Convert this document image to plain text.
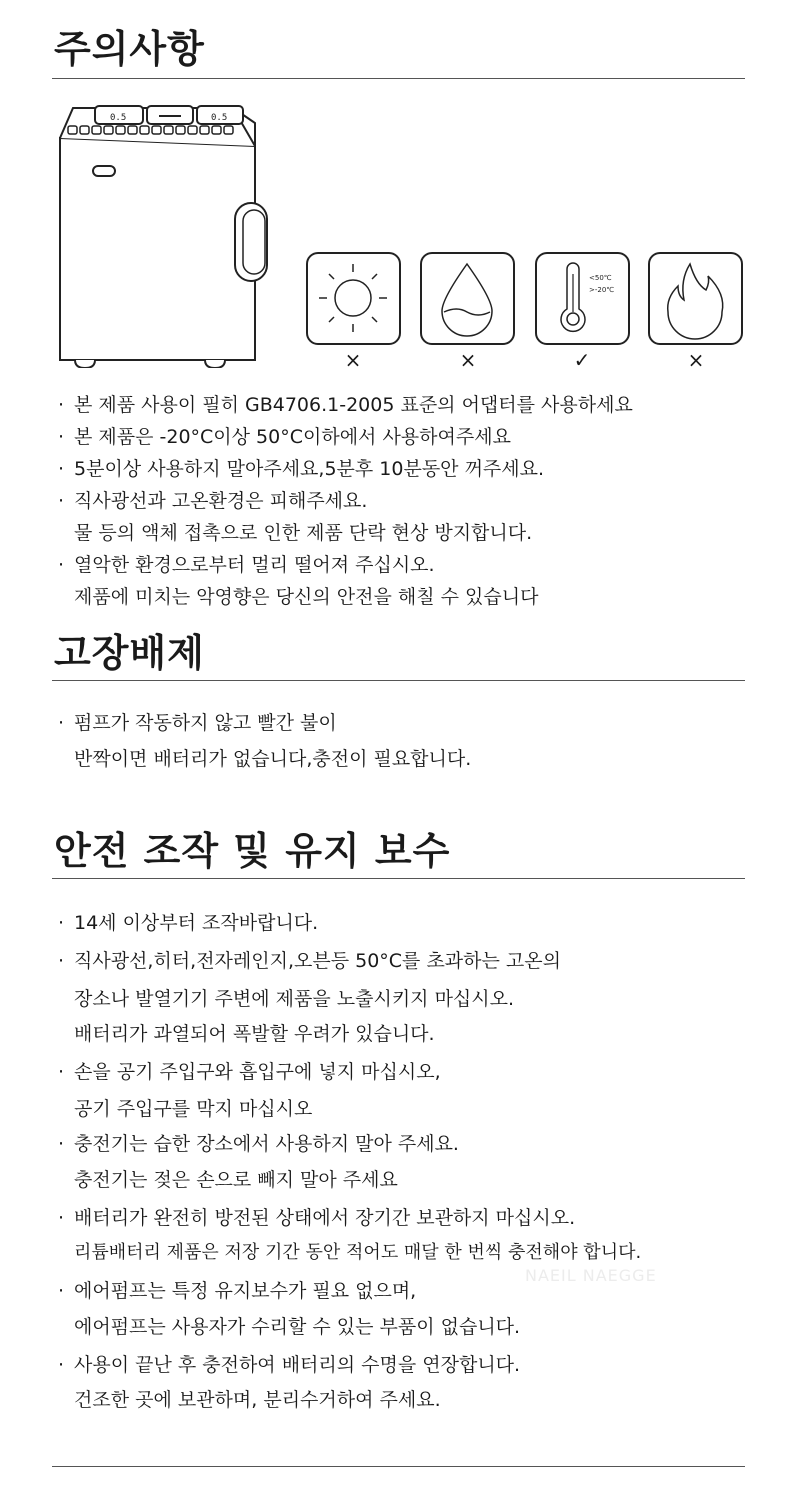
주의사항
0.5	0.5
<50℃
>-20℃
×	×	✓	×
· 본 제품 사용이 필히 GB4706.1-2005 표준의 어댑터를 사용하세요
· 본 제품은 -20°C이상 50°C이하에서 사용하여주세요
· 5분이상 사용하지 말아주세요,5분후 10분동안 꺼주세요.
· 직사광선과 고온환경은 피해주세요.
물 등의 액체 접촉으로 인한 제품 단락 현상 방지합니다.
· 열악한 환경으로부터 멀리 떨어져 주십시오.
제품에 미치는 악영향은 당신의 안전을 해칠 수 있습니다
고장배제
· 펌프가 작동하지 않고 빨간 불이
반짝이면 배터리가 없습니다,충전이 필요합니다.
안전 조작 및 유지 보수
NAEIL NAEGGE
· 14세 이상부터 조작바랍니다.
· 직사광선,히터,전자레인지,오븐등 50°C를 초과하는 고온의
장소나 발열기기 주변에 제품을 노출시키지 마십시오.
배터리가 과열되어 폭발할 우려가 있습니다.
· 손을 공기 주입구와 흡입구에 넣지 마십시오,
공기 주입구를 막지 마십시오
· 충전기는 습한 장소에서 사용하지 말아 주세요.
충전기는 젖은 손으로 빼지 말아 주세요
· 배터리가 완전히 방전된 상태에서 장기간 보관하지 마십시오.
리튬배터리 제품은 저장 기간 동안 적어도 매달 한 번씩 충전해야 합니다.
· 에어펌프는 특정 유지보수가 필요 없으며,
에어펌프는 사용자가 수리할 수 있는 부품이 없습니다.
· 사용이 끝난 후 충전하여 배터리의 수명을 연장합니다.
건조한 곳에 보관하며, 분리수거하여 주세요.
